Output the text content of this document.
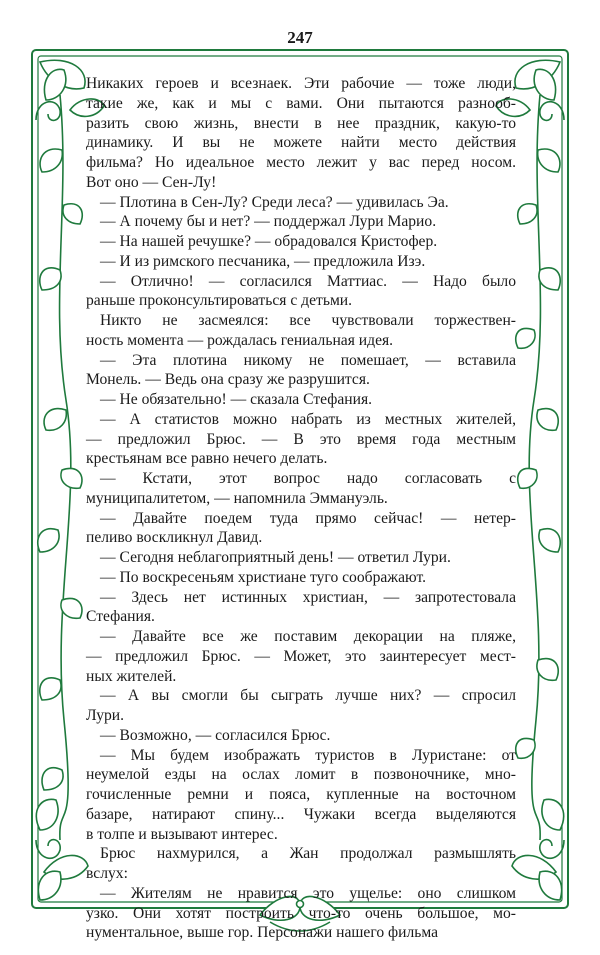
247
Никаких героев и всезнаек. Эти рабочие — тоже люди,
такие же, как и мы с вами. Они пытаются разнооб-
разить свою жизнь, внести в нее праздник, какую-то
динамику. И вы не можете найти место действия
фильма? Но идеальное место лежит у вас перед носом.
Вот оно — Сен-Лу!
— Плотина в Сен-Лу? Среди леса? — удивилась Эа.
— А почему бы и нет? — поддержал Лури Марио.
— На нашей речушке? — обрадовался Кристофер.
— И из римского песчаника, — предложила Изэ.
— Отлично! — согласился Маттиас. — Надо было
раньше проконсультироваться с детьми.
Никто не засмеялся: все чувствовали торжествен-
ность момента — рождалась гениальная идея.
— Эта плотина никому не помешает, — вставила
Монель. — Ведь она сразу же разрушится.
— Не обязательно! — сказала Стефания.
— А статистов можно набрать из местных жителей,
— предложил Брюс. — В это время года местным
крестьянам все равно нечего делать.
— Кстати, этот вопрос надо согласовать с
муниципалитетом, — напомнила Эммануэль.
— Давайте поедем туда прямо сейчас! — нетер-
пеливо воскликнул Давид.
— Сегодня неблагоприятный день! — ответил Лури.
— По воскресеньям христиане туго соображают.
— Здесь нет истинных христиан, — запротестовала
Стефания.
— Давайте все же поставим декорации на пляже,
— предложил Брюс. — Может, это заинтересует мест-
ных жителей.
— А вы смогли бы сыграть лучше них? — спросил
Лури.
— Возможно, — согласился Брюс.
— Мы будем изображать туристов в Луристане: от
неумелой езды на ослах ломит в позвоночнике, мно-
гочисленные ремни и пояса, купленные на восточном
базаре, натирают спину... Чужаки всегда выделяются
в толпе и вызывают интерес.
Брюс нахмурился, а Жан продолжал размышлять
вслух:
— Жителям не нравится это ущелье: оно слишком
узко. Они хотят построить что-то очень большое, мо-
нументальное, выше гор. Персонажи нашего фильма
